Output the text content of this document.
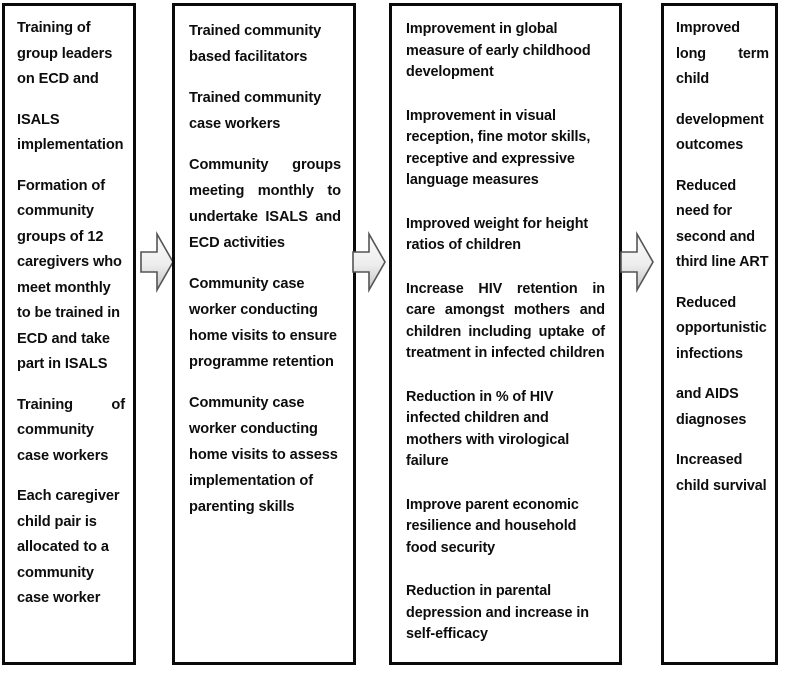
Training of group leaders on ECD and

ISALS implementation

Formation of community groups of 12 caregivers who meet monthly to be trained in ECD and take part in ISALS

Training of community case workers

Each caregiver child pair is allocated to a community case worker

Trained community based facilitators

Trained community case workers

Community groups meeting monthly to undertake ISALS and ECD activities

Community case worker conducting home visits to ensure programme retention

Community case worker conducting home visits to assess implementation of parenting skills

Improvement in global measure of early childhood development

Improvement in visual reception, fine motor skills, receptive and expressive language measures

Improved weight for height ratios of children

Increase HIV retention in care amongst mothers and children including uptake of treatment in infected children

Reduction in % of HIV infected children and mothers with virological failure

Improve parent economic resilience and household food security

Reduction in parental depression and increase in self-efficacy

Improved long term child

development outcomes

Reduced need for second and third line ART

Reduced opportunistic infections

and AIDS diagnoses

Increased child survival
